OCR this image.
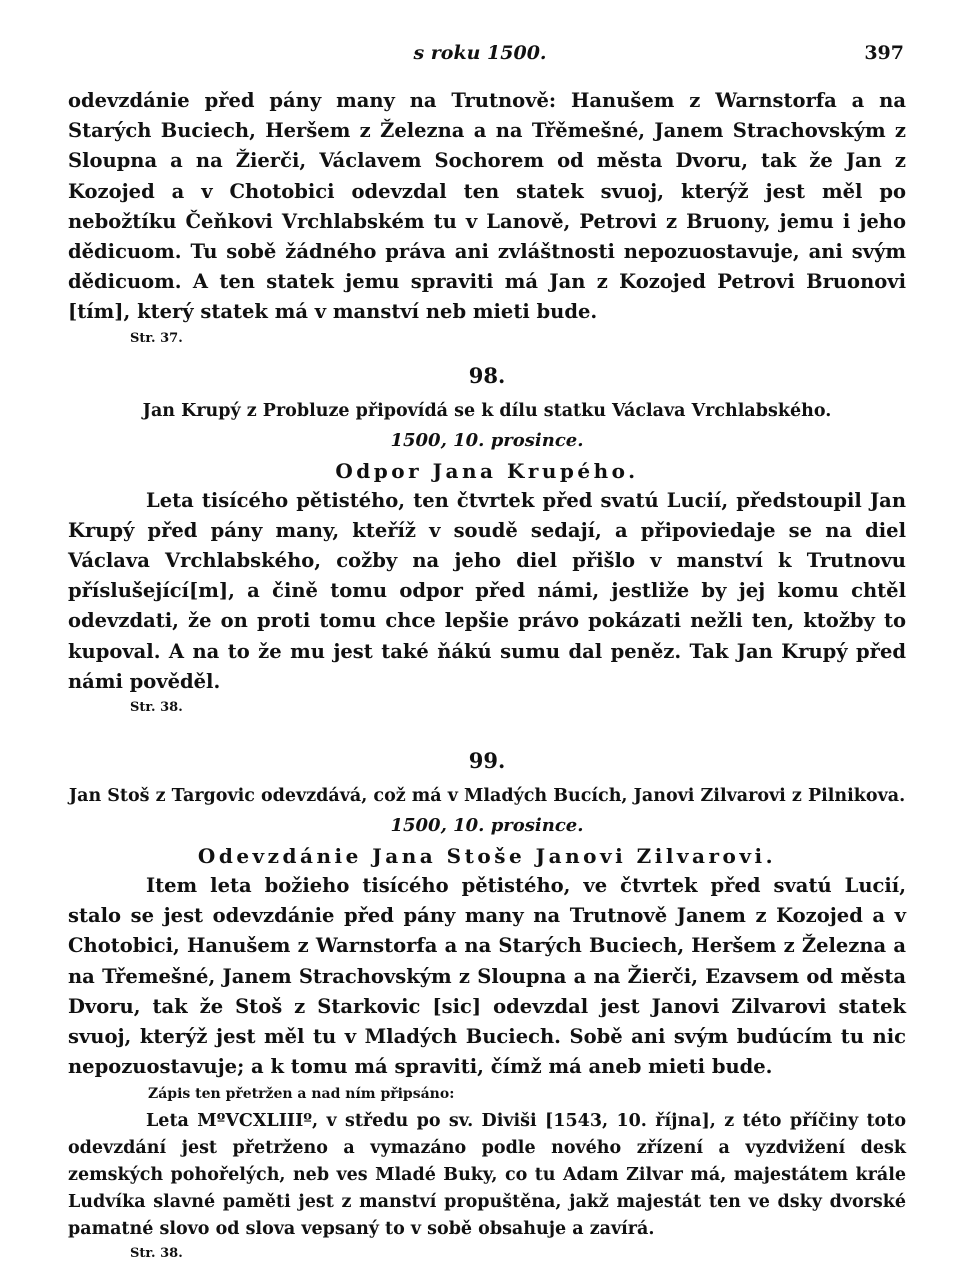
s roku 1500.	397

odevzdánie před pány many na Trutnově: Hanušem z Warnstorfa a na Starých Buciech, Heršem z Železna a na Třěmešné, Janem Strachovským z Sloupna a na Žierči, Václavem Sochorem od města Dvoru, tak že Jan z Kozojed a v Chotobici odevzdal ten statek svuoj, kterýž jest měl po nebožtíku Čeňkovi Vrchlabském tu v Lanově, Petrovi z Bruony, jemu i jeho dědicuom. Tu sobě žádného práva ani zvláštnosti nepozuostavuje, ani svým dědicuom. A ten statek jemu spraviti má Jan z Kozojed Petrovi Bruonovi [tím], který statek má v manství neb mieti bude.

Str. 37.

98.
Jan Krupý z Probluze připovídá se k dílu statku Václava Vrchlabského.
1500, 10. prosince.
Odpor Jana Krupého.

Leta tisícého pětistého, ten čtvrtek před svatú Lucií, předstoupil Jan Krupý před pány many, kteříž v soudě sedají, a připoviedaje se na diel Václava Vrchlabského, cožby na jeho diel přišlo v manství k Trutnovu příslušející[m], a čině tomu odpor před námi, jestliže by jej komu chtěl odevzdati, že on proti tomu chce lepšie právo pokázati nežli ten, ktožby to kupoval. A na to že mu jest také ňákú sumu dal peněz. Tak Jan Krupý před námi pověděl.

Str. 38.

99.
Jan Stoš z Targovic odevzdává, což má v Mladých Bucích, Janovi Zilvarovi z Pilnikova.
1500, 10. prosince.
Odevzdánie Jana Stoše Janovi Zilvarovi.

Item leta božieho tisícého pětistého, ve čtvrtek před svatú Lucií, stalo se jest odevzdánie před pány many na Trutnově Janem z Kozojed a v Chotobici, Hanušem z Warnstorfa a na Starých Buciech, Heršem z Železna a na Třemešné, Janem Strachovským z Sloupna a na Žierči, Ezavsem od města Dvoru, tak že Stoš z Starkovic [sic] odevzdal jest Janovi Zilvarovi statek svuoj, kterýž jest měl tu v Mladých Buciech. Sobě ani svým budúcím tu nic nepozuostavuje; a k tomu má spraviti, čímž má aneb mieti bude.

Zápis ten přetržen a nad ním připsáno:

Leta MºVCXLIIIº, v středu po sv. Diviši [1543, 10. října], z této příčiny toto odevzdání jest přetrženo a vymazáno podle nového zřízení a vyzdvižení desk zemských pohořelých, neb ves Mladé Buky, co tu Adam Zilvar má, majestátem krále Ludvíka slavné paměti jest z manství propuštěna, jakž majestát ten ve dsky dvorské pamatné slovo od slova vepsaný to v sobě obsahuje a zavírá.

Str. 38.
